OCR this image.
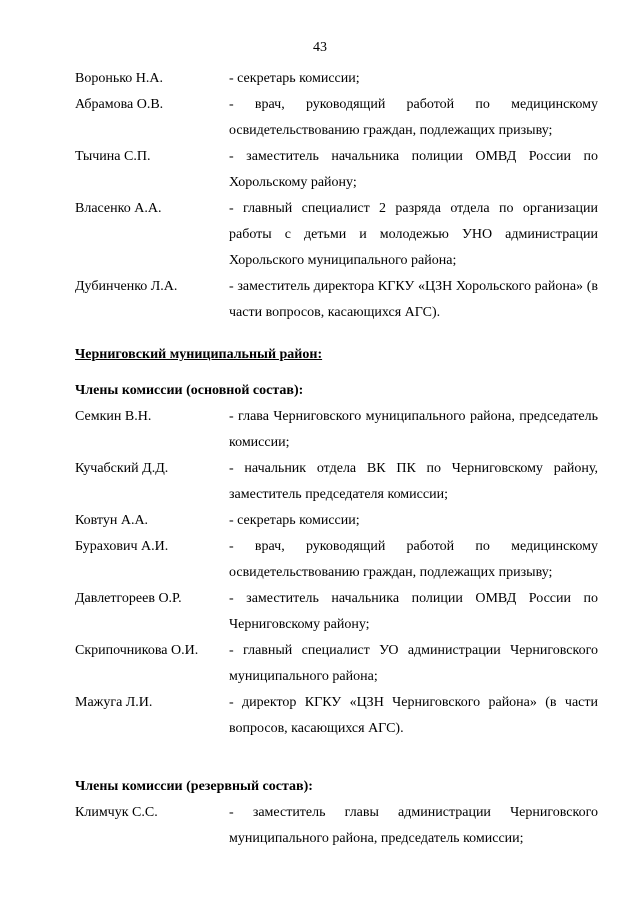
43
Воронько Н.А.	- секретарь комиссии;
Абрамова О.В.	- врач, руководящий работой по медицинскому освидетельствованию граждан, подлежащих призыву;
Тычина С.П.	- заместитель начальника полиции ОМВД России по Хорольскому району;
Власенко А.А.	- главный специалист 2 разряда отдела по организации работы с детьми и молодежью УНО администрации Хорольского муниципального района;
Дубинченко Л.А.	- заместитель директора КГКУ «ЦЗН Хорольского района» (в части вопросов, касающихся АГС).
Черниговский муниципальный район:
Члены комиссии (основной состав):
Семкин В.Н.	- глава Черниговского муниципального района, председатель комиссии;
Кучабский Д.Д.	- начальник отдела ВК ПК по Черниговскому району, заместитель председателя комиссии;
Ковтун А.А.	- секретарь комиссии;
Бурахович А.И.	- врач, руководящий работой по медицинскому освидетельствованию граждан, подлежащих призыву;
Давлетгореев О.Р.	- заместитель начальника полиции ОМВД России по Черниговскому району;
Скрипочникова О.И.	- главный специалист УО администрации Черниговского муниципального района;
Мажуга Л.И.	- директор КГКУ «ЦЗН Черниговского района» (в части вопросов, касающихся АГС).
Члены комиссии (резервный состав):
Климчук С.С.	- заместитель главы администрации Черниговского муниципального района, председатель комиссии;
